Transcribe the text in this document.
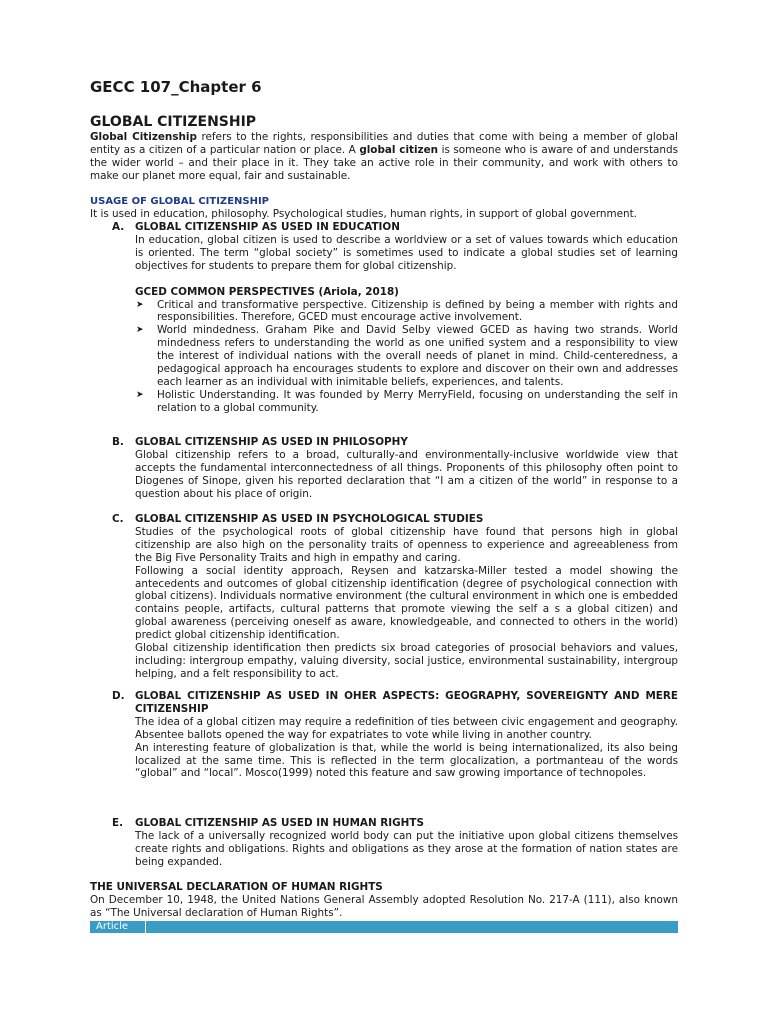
GECC 107_Chapter 6
GLOBAL CITIZENSHIP

Global Citizenship refers to the rights, responsibilities and duties that come with being a member of global entity as a citizen of a particular nation or place. A global citizen is someone who is aware of and understands the wider world – and their place in it. They take an active role in their community, and work with others to make our planet more equal, fair and sustainable.

USAGE OF GLOBAL CITIZENSHIP

It is used in education, philosophy. Psychological studies, human rights, in support of global government.

A. GLOBAL CITIZENSHIP AS USED IN EDUCATION

In education, global citizen is used to describe a worldview or a set of values towards which education is oriented. The term “global society” is sometimes used to indicate a global studies set of learning objectives for students to prepare them for global citizenship.

GCED COMMON PERSPECTIVES (Ariola, 2018)
➤ Critical and transformative perspective. Citizenship is defined by being a member with rights and responsibilities. Therefore, GCED must encourage active involvement.
➤ World mindedness. Graham Pike and David Selby viewed GCED as having two strands. World mindedness refers to understanding the world as one unified system and a responsibility to view the interest of individual nations with the overall needs of planet in mind. Child-centeredness, a pedagogical approach ha encourages students to explore and discover on their own and addresses each learner as an individual with inimitable beliefs, experiences, and talents.
➤ Holistic Understanding. It was founded by Merry MerryField, focusing on understanding the self in relation to a global community.
B. GLOBAL CITIZENSHIP AS USED IN PHILOSOPHY

Global citizenship refers to a broad, culturally-and environmentally-inclusive worldwide view that accepts the fundamental interconnectedness of all things. Proponents of this philosophy often point to Diogenes of Sinope, given his reported declaration that “I am a citizen of the world” in response to a question about his place of origin.

C. GLOBAL CITIZENSHIP AS USED IN PSYCHOLOGICAL STUDIES

Studies of the psychological roots of global citizenship have found that persons high in global citizenship are also high on the personality traits of openness to experience and agreeableness from the Big Five Personality Traits and high in empathy and caring.

Following a social identity approach, Reysen and katzarska-Miller tested a model showing the antecedents and outcomes of global citizenship identification (degree of psychological connection with global citizens). Individuals normative environment (the cultural environment in which one is embedded contains people, artifacts, cultural patterns that promote viewing the self a s a global citizen) and global awareness (perceiving oneself as aware, knowledgeable, and connected to others in the world) predict global citizenship identification.

Global citizenship identification then predicts six broad categories of prosocial behaviors and values, including: intergroup empathy, valuing diversity, social justice, environmental sustainability, intergroup helping, and a felt responsibility to act.

D. GLOBAL CITIZENSHIP AS USED IN OHER ASPECTS: GEOGRAPHY, SOVEREIGNTY AND MERE CITIZENSHIP

The idea of a global citizen may require a redefinition of ties between civic engagement and geography. Absentee ballots opened the way for expatriates to vote while living in another country.

An interesting feature of globalization is that, while the world is being internationalized, its also being localized at the same time. This is reflected in the term glocalization, a portmanteau of the words “global” and “local”. Mosco(1999) noted this feature and saw growing importance of technopoles.

E. GLOBAL CITIZENSHIP AS USED IN HUMAN RIGHTS

The lack of a universally recognized world body can put the initiative upon global citizens themselves create rights and obligations. Rights and obligations as they arose at the formation of nation states are being expanded.

THE UNIVERSAL DECLARATION OF HUMAN RIGHTS

On December 10, 1948, the United Nations General Assembly adopted Resolution No. 217-A (111), also known as “The Universal declaration of Human Rights”.

Article
